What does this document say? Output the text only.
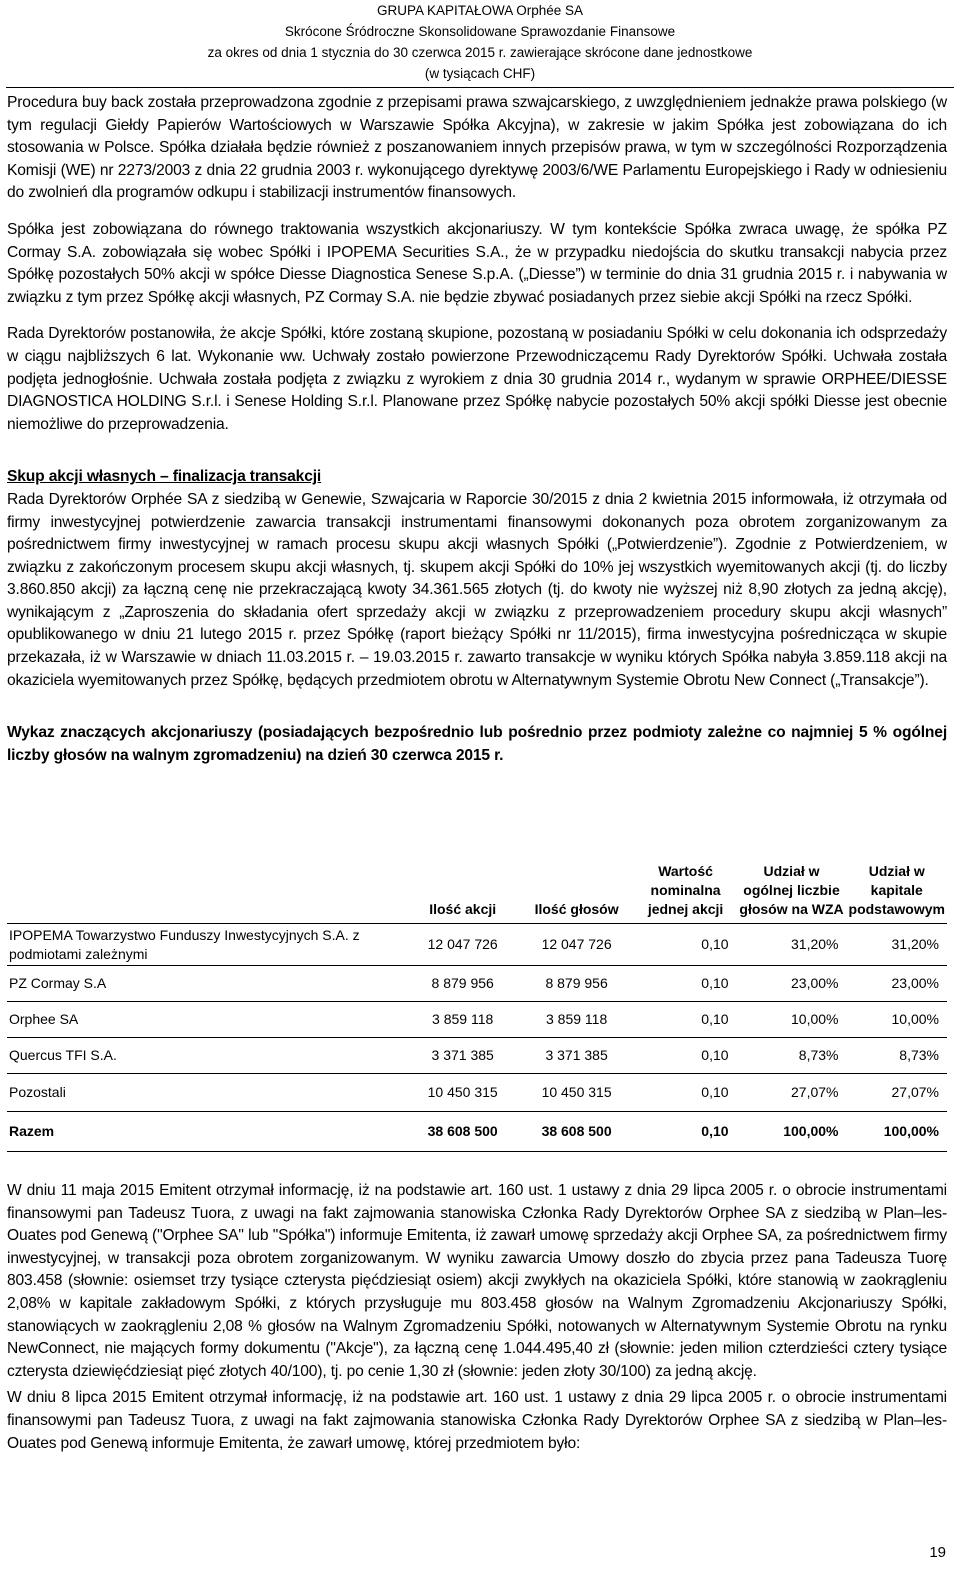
GRUPA KAPITAŁOWA Orphée SA
Skrócone Śródroczne Skonsolidowane Sprawozdanie Finansowe
za okres od dnia 1 stycznia do 30 czerwca 2015 r. zawierające skrócone dane jednostkowe
(w tysiącach CHF)

Procedura buy back została przeprowadzona zgodnie z przepisami prawa szwajcarskiego, z uwzględnieniem jednakże prawa polskiego (w tym regulacji Giełdy Papierów Wartościowych w Warszawie Spółka Akcyjna), w zakresie w jakim Spółka jest zobowiązana do ich stosowania w Polsce. Spółka działała będzie również z poszanowaniem innych przepisów prawa, w tym w szczególności Rozporządzenia Komisji (WE) nr 2273/2003 z dnia 22 grudnia 2003 r. wykonującego dyrektywę 2003/6/WE Parlamentu Europejskiego i Rady w odniesieniu do zwolnień dla programów odkupu i stabilizacji instrumentów finansowych.

Spółka jest zobowiązana do równego traktowania wszystkich akcjonariuszy. W tym kontekście Spółka zwraca uwagę, że spółka PZ Cormay S.A. zobowiązała się wobec Spółki i IPOPEMA Securities S.A., że w przypadku niedojścia do skutku transakcji nabycia przez Spółkę pozostałych 50% akcji w spółce Diesse Diagnostica Senese S.p.A. („Diesse”) w terminie do dnia 31 grudnia 2015 r. i nabywania w związku z tym przez Spółkę akcji własnych, PZ Cormay S.A. nie będzie zbywać posiadanych przez siebie akcji Spółki na rzecz Spółki.

Rada Dyrektorów postanowiła, że akcje Spółki, które zostaną skupione, pozostaną w posiadaniu Spółki w celu dokonania ich odsprzedaży w ciągu najbliższych 6 lat. Wykonanie ww. Uchwały zostało powierzone Przewodniczącemu Rady Dyrektorów Spółki. Uchwała została podjęta jednogłośnie. Uchwała została podjęta z związku z wyrokiem z dnia 30 grudnia 2014 r., wydanym w sprawie ORPHEE/DIESSE DIAGNOSTICA HOLDING S.r.l. i Senese Holding S.r.l. Planowane przez Spółkę nabycie pozostałych 50% akcji spółki Diesse jest obecnie niemożliwe do przeprowadzenia.

Skup akcji własnych – finalizacja transakcji

Rada Dyrektorów Orphée SA z siedzibą w Genewie, Szwajcaria w Raporcie 30/2015 z dnia 2 kwietnia 2015 informowała, iż otrzymała od firmy inwestycyjnej potwierdzenie zawarcia transakcji instrumentami finansowymi dokonanych poza obrotem zorganizowanym za pośrednictwem firmy inwestycyjnej w ramach procesu skupu akcji własnych Spółki („Potwierdzenie”). Zgodnie z Potwierdzeniem, w związku z zakończonym procesem skupu akcji własnych, tj. skupem akcji Spółki do 10% jej wszystkich wyemitowanych akcji (tj. do liczby 3.860.850 akcji) za łączną cenę nie przekraczającą kwoty 34.361.565 złotych (tj. do kwoty nie wyższej niż 8,90 złotych za jedną akcję), wynikającym z „Zaproszenia do składania ofert sprzedaży akcji w związku z przeprowadzeniem procedury skupu akcji własnych” opublikowanego w dniu 21 lutego 2015 r. przez Spółkę (raport bieżący Spółki nr 11/2015), firma inwestycyjna pośrednicząca w skupie przekazała, iż w Warszawie w dniach 11.03.2015 r. – 19.03.2015 r. zawarto transakcje w wyniku których Spółka nabyła 3.859.118 akcji na okaziciela wyemitowanych przez Spółkę, będących przedmiotem obrotu w Alternatywnym Systemie Obrotu New Connect („Transakcje”).

Wykaz znaczących akcjonariuszy (posiadających bezpośrednio lub pośrednio przez podmioty zależne co najmniej 5 % ogólnej liczby głosów na walnym zgromadzeniu) na dzień 30 czerwca 2015 r.

	Ilość akcji	Ilość głosów	Wartość nominalna jednej akcji	Udział w ogólnej liczbie głosów na WZA	Udział w kapitale podstawowym
IPOPEMA Towarzystwo Funduszy Inwestycyjnych S.A. z podmiotami zależnymi	12 047 726	12 047 726	0,10	31,20%	31,20%
PZ Cormay S.A	8 879 956	8 879 956	0,10	23,00%	23,00%
Orphee SA	3 859 118	3 859 118	0,10	10,00%	10,00%
Quercus TFI S.A.	3 371 385	3 371 385	0,10	8,73%	8,73%
Pozostali	10 450 315	10 450 315	0,10	27,07%	27,07%
Razem	38 608 500	38 608 500	0,10	100,00%	100,00%

W dniu 11 maja 2015 Emitent otrzymał informację, iż na podstawie art. 160 ust. 1 ustawy z dnia 29 lipca 2005 r. o obrocie instrumentami finansowymi pan Tadeusz Tuora, z uwagi na fakt zajmowania stanowiska Członka Rady Dyrektorów Orphee SA z siedzibą w Plan–les-Ouates pod Genewą ("Orphee SA" lub "Spółka") informuje Emitenta, iż zawarł umowę sprzedaży akcji Orphee SA, za pośrednictwem firmy inwestycyjnej, w transakcji poza obrotem zorganizowanym. W wyniku zawarcia Umowy doszło do zbycia przez pana Tadeusza Tuorę 803.458 (słownie: osiemset trzy tysiące czterysta pięćdziesiąt osiem) akcji zwykłych na okaziciela Spółki, które stanowią w zaokrągleniu 2,08% w kapitale zakładowym Spółki, z których przysługuje mu 803.458 głosów na Walnym Zgromadzeniu Akcjonariuszy Spółki, stanowiących w zaokrągleniu 2,08 % głosów na Walnym Zgromadzeniu Spółki, notowanych w Alternatywnym Systemie Obrotu na rynku NewConnect, nie mających formy dokumentu ("Akcje"), za łączną cenę 1.044.495,40 zł (słownie: jeden milion czterdzieści cztery tysiące czterysta dziewięćdziesiąt pięć złotych 40/100), tj. po cenie 1,30 zł (słownie: jeden złoty 30/100) za jedną akcję.

W dniu 8 lipca 2015 Emitent otrzymał informację, iż na podstawie art. 160 ust. 1 ustawy z dnia 29 lipca 2005 r. o obrocie instrumentami finansowymi pan Tadeusz Tuora, z uwagi na fakt zajmowania stanowiska Członka Rady Dyrektorów Orphee SA z siedzibą w Plan–les-Ouates pod Genewą informuje Emitenta, że zawarł umowę, której przedmiotem było:

19
